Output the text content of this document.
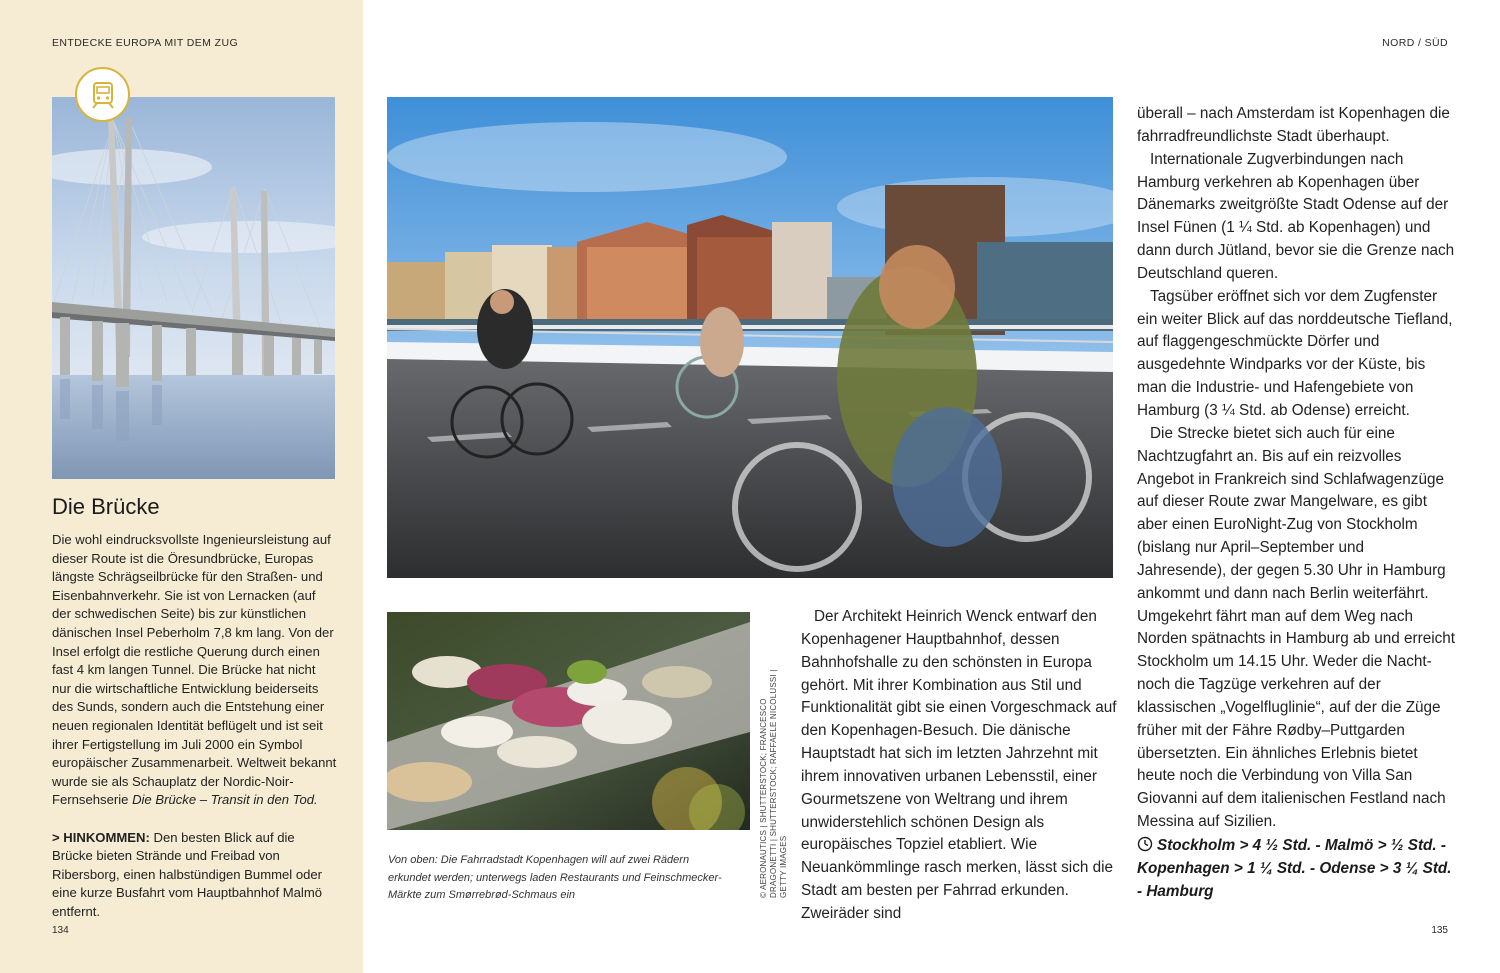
ENTDECKE EUROPA MIT DEM ZUG	NORD / SÜD
Die Brücke

Die wohl eindrucksvollste Ingenieursleistung auf dieser Route ist die Öresundbrücke, Europas längste Schrägseilbrücke für den Straßen- und Eisenbahnverkehr. Sie ist von Lernacken (auf der schwedischen Seite) bis zur künstlichen dänischen Insel Peberholm 7,8 km lang. Von der Insel erfolgt die restliche Querung durch einen fast 4 km langen Tunnel. Die Brücke hat nicht nur die wirtschaftliche Entwicklung beiderseits des Sunds, sondern auch die Entstehung einer neuen regionalen Identität beflügelt und ist seit ihrer Fertigstellung im Juli 2000 ein Symbol europäischer Zusammenarbeit. Weltweit bekannt wurde sie als Schauplatz der Nordic-Noir-Fernsehserie Die Brücke – Transit in den Tod.

> HINKOMMEN: Den besten Blick auf die Brücke bieten Strände und Freibad von Ribersborg, einen halbstündigen Bummel oder eine kurze Busfahrt vom Hauptbahnhof Malmö entfernt.

© AERONAUTICS | SHUTTERSTOCK; FRANCESCO DRAGONETTI | SHUTTERSTOCK; RAFFAELE NICOLUSSI | GETTY IMAGES
Von oben: Die Fahrradstadt Kopenhagen will auf zwei Rädern erkundet werden; unterwegs laden Restaurants und Feinschmecker-Märkte zum Smørrebrød-Schmaus ein

Der Architekt Heinrich Wenck entwarf den Kopenhagener Hauptbahnhof, dessen Bahnhofshalle zu den schönsten in Europa gehört. Mit ihrer Kombination aus Stil und Funktionalität gibt sie einen Vorgeschmack auf den Kopenhagen-Besuch. Die dänische Hauptstadt hat sich im letzten Jahrzehnt mit ihrem innovativen urbanen Lebensstil, einer Gourmetszene von Weltrang und ihrem unwiderstehlich schönen Design als europäisches Topziel etabliert. Wie Neuankömmlinge rasch merken, lässt sich die Stadt am besten per Fahrrad erkunden. Zweiräder sind

überall – nach Amsterdam ist Kopenhagen die fahrradfreundlichste Stadt überhaupt.

Internationale Zugverbindungen nach Hamburg verkehren ab Kopenhagen über Dänemarks zweitgrößte Stadt Odense auf der Insel Fünen (1 ¼ Std. ab Kopenhagen) und dann durch Jütland, bevor sie die Grenze nach Deutschland queren.

Tagsüber eröffnet sich vor dem Zugfenster ein weiter Blick auf das norddeutsche Tiefland, auf flaggengeschmückte Dörfer und ausgedehnte Windparks vor der Küste, bis man die Industrie- und Hafengebiete von Hamburg (3 ¼ Std. ab Odense) erreicht.

Die Strecke bietet sich auch für eine Nachtzugfahrt an. Bis auf ein reizvolles Angebot in Frankreich sind Schlafwagenzüge auf dieser Route zwar Mangelware, es gibt aber einen EuroNight-Zug von Stockholm (bislang nur April–September und Jahresende), der gegen 5.30 Uhr in Hamburg ankommt und dann nach Berlin weiterfährt. Umgekehrt fährt man auf dem Weg nach Norden spätnachts in Hamburg ab und erreicht Stockholm um 14.15 Uhr. Weder die Nacht- noch die Tagzüge verkehren auf der klassischen „Vogelfluglinie“, auf der die Züge früher mit der Fähre Rødby–Puttgarden übersetzten. Ein ähnliches Erlebnis bietet heute noch die Verbindung von Villa San Giovanni auf dem italienischen Festland nach Messina auf Sizilien.

Stockholm > 4 ½ Std. - Malmö > ½ Std. - Kopenhagen > 1 ¼ Std. - Odense > 3 ¼ Std. - Hamburg
134	135
